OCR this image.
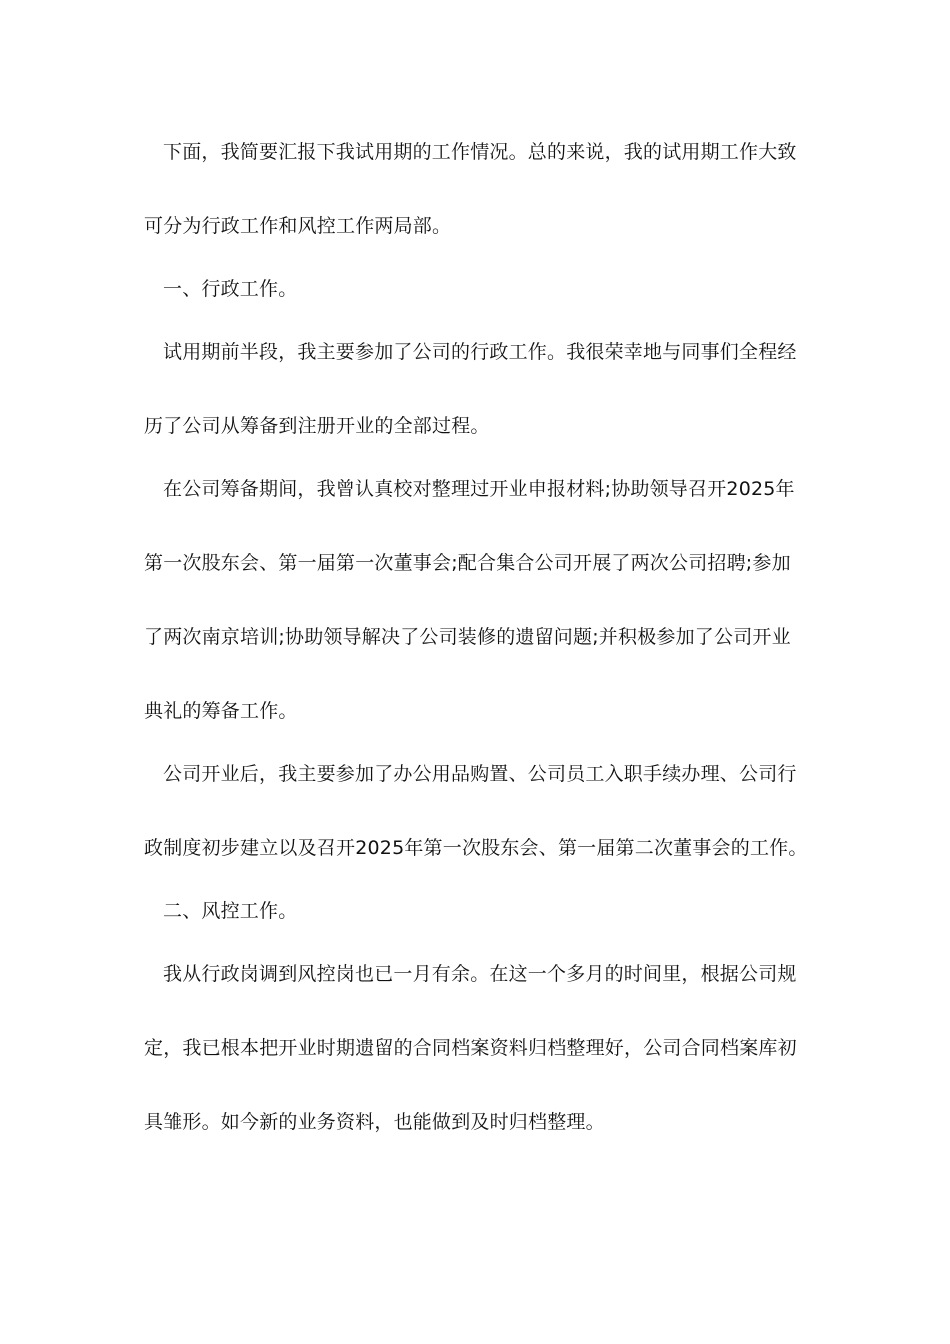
下面，我简要汇报下我试用期的工作情况。总的来说，我的试用期工作大致
可分为行政工作和风控工作两局部。
一、行政工作。
试用期前半段，我主要参加了公司的行政工作。我很荣幸地与同事们全程经
历了公司从筹备到注册开业的全部过程。
在公司筹备期间，我曾认真校对整理过开业申报材料;协助领导召开2025年
第一次股东会、第一届第一次董事会;配合集合公司开展了两次公司招聘;参加
了两次南京培训;协助领导解决了公司装修的遗留问题;并积极参加了公司开业
典礼的筹备工作。
公司开业后，我主要参加了办公用品购置、公司员工入职手续办理、公司行
政制度初步建立以及召开2025年第一次股东会、第一届第二次董事会的工作。
二、风控工作。
我从行政岗调到风控岗也已一月有余。在这一个多月的时间里，根据公司规
定，我已根本把开业时期遗留的合同档案资料归档整理好，公司合同档案库初
具雏形。如今新的业务资料，也能做到及时归档整理。
